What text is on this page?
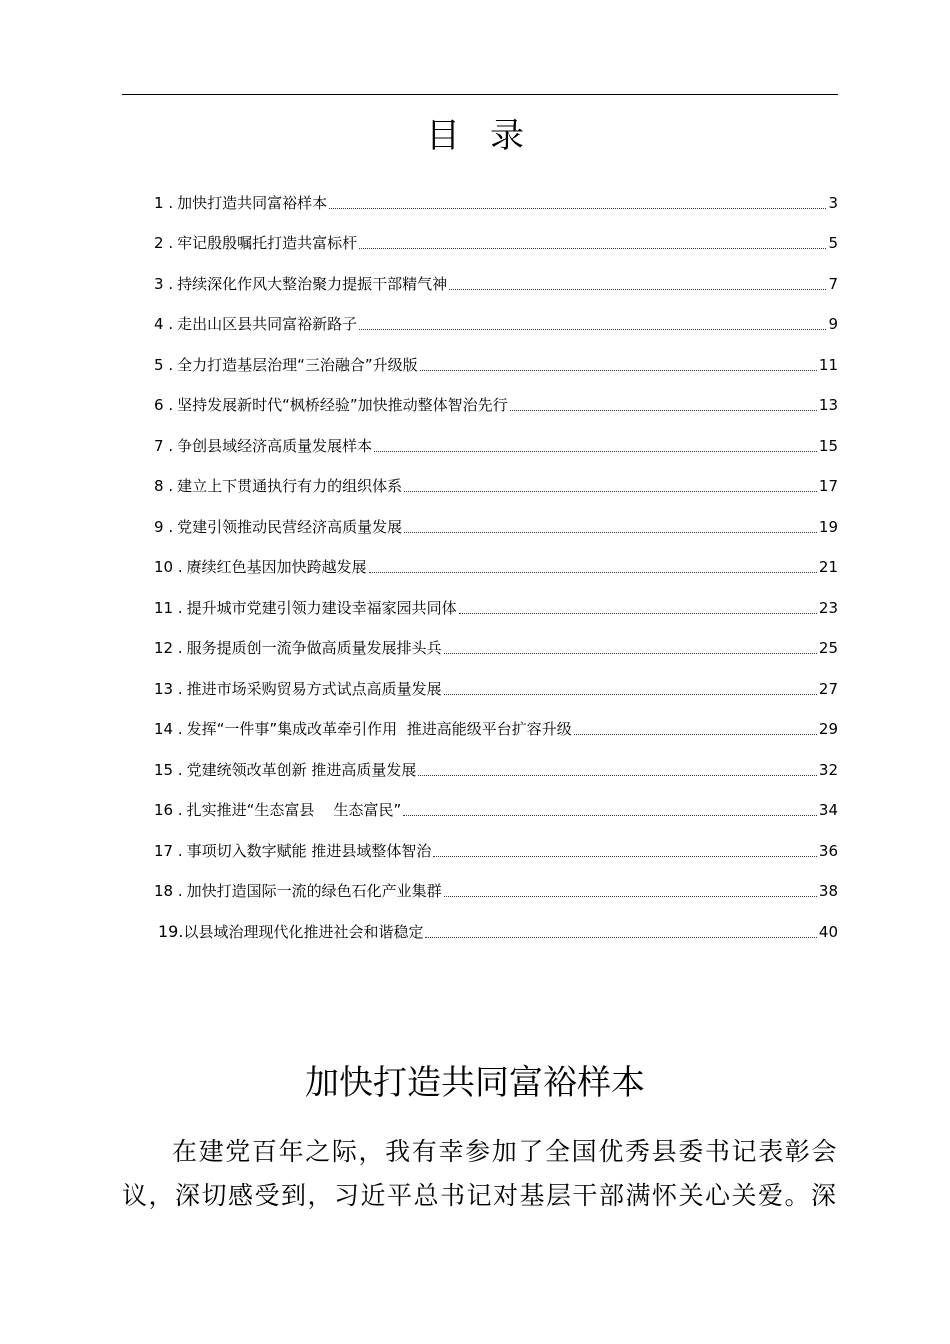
目录
1 . 加快打造共同富裕样本	3
2 . 牢记殷殷嘱托打造共富标杆	5
3 . 持续深化作风大整治聚力提振干部精气神	7
4 . 走出山区县共同富裕新路子	9
5 . 全力打造基层治理“三治融合”升级版	11
6 . 坚持发展新时代“枫桥经验”加快推动整体智治先行	13
7 . 争创县域经济高质量发展样本	15
8 . 建立上下贯通执行有力的组织体系	17
9 . 党建引领推动民营经济高质量发展	19
10 . 赓续红色基因加快跨越发展	21
11 . 提升城市党建引领力建设幸福家园共同体	23
12 . 服务提质创一流争做高质量发展排头兵	25
13 . 推进市场采购贸易方式试点高质量发展	27
14 . 发挥“一件事”集成改革牵引作用  推进高能级平台扩容升级	29
15 . 党建统领改革创新 推进高质量发展	32
16 . 扎实推进“生态富县    生态富民”	34
17 . 事项切入数字赋能 推进县域整体智治	36
18 . 加快打造国际一流的绿色石化产业集群	38
19 . 以县域治理现代化推进社会和谐稳定	40
加快打造共同富裕样本
在建党百年之际，我有幸参加了全国优秀县委书记表彰会议，深切感受到，习近平总书记对基层干部满怀关心关爱。深
